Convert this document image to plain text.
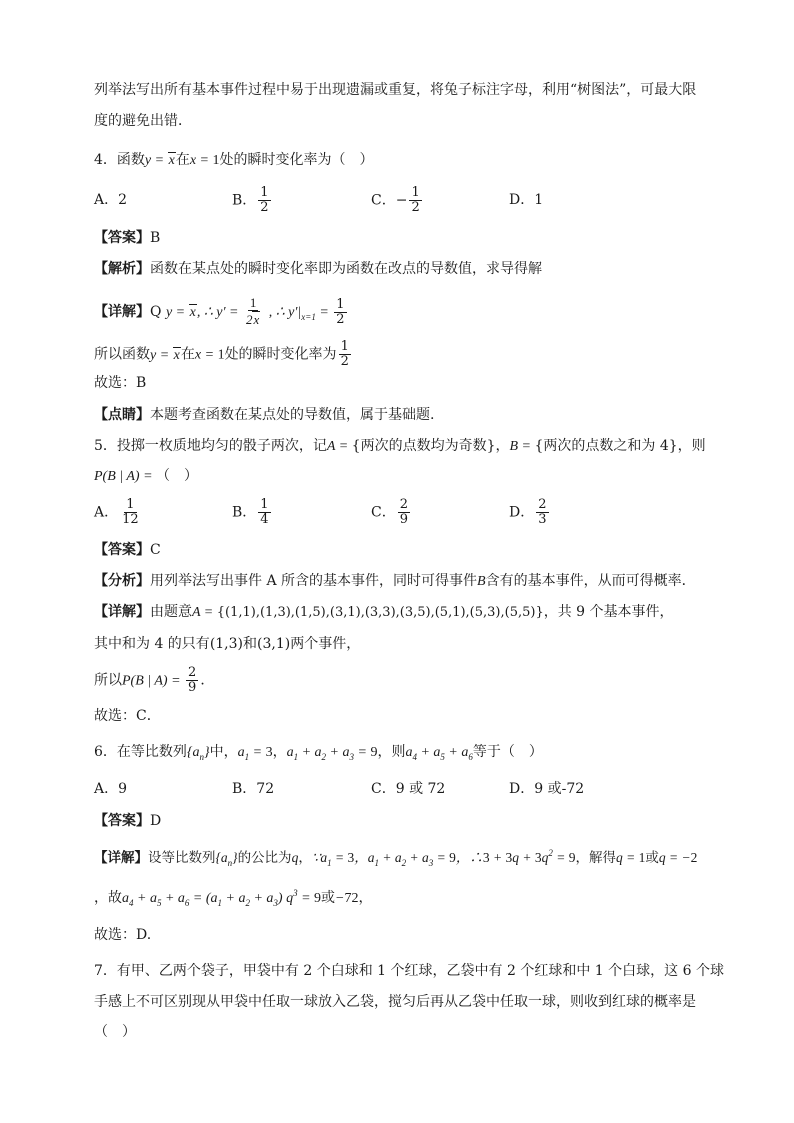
列举法写出所有基本事件过程中易于出现遗漏或重复，将兔子标注字母，利用“树图法”，可最大限
度的避免出错．
4．函数y = x在x = 1处的瞬时变化率为（　）
A．2	B． $\frac{1}{2}$	C．− $\frac{1}{2}$	D．1
【答案】B
【解析】函数在某点处的瞬时变化率即为函数在改点的导数值，求导得解
【详解】Q y = x, ∴ $y' = \frac{1}{2x}$ , ∴ $y'|_{x=1} = \frac{1}{2}$
所以函数y = x在x = 1处的瞬时变化率为 $\frac{1}{2}$
故选：B
【点睛】本题考查函数在某点处的导数值，属于基础题.
5．投掷一枚质地均匀的骰子两次，记A = {两次的点数均为奇数}，B = {两次的点数之和为 4}，则
P(B | A) = （　）
A． $\frac{1}{12}$	B． $\frac{1}{4}$	C． $\frac{2}{9}$	D． $\frac{2}{3}$
【答案】C
【分析】用列举法写出事件 A 所含的基本事件，同时可得事件B含有的基本事件，从而可得概率．
【详解】由题意A = {(1,1),(1,3),(1,5),(3,1),(3,3),(3,5),(5,1),(5,3),(5,5)}，共 9 个基本事件，
其中和为 4 的只有(1,3)和(3,1)两个事件，
所以P(B | $A) = \frac{2}{9}$ ．
故选：C．
6．在等比数列$\{a_n\}$中，$a_1 = 3$，$a_1 + a_2 + a_3 = 9$，则$a_4 + a_5 + a_6$等于（　）
A．9	B．72	C．9 或 72	D．9 或-72
【答案】D
【详解】设等比数列$\{a_n\}$的公比为q，$\because a_1 = 3$，$a_1 + a_2 + a_3 = 9$，∴3 + $3q + 3q^2 = 9$，解得q = 1或q = −2
，故$a_4 + a_5 + a_6 = (a_1 + a_2 + a_3) q^3 = 9$或−72，
故选：D.
7．有甲、乙两个袋子，甲袋中有 2 个白球和 1 个红球，乙袋中有 2 个红球和中 1 个白球，这 6 个球
手感上不可区别现从甲袋中任取一球放入乙袋，搅匀后再从乙袋中任取一球，则收到红球的概率是
（　）
